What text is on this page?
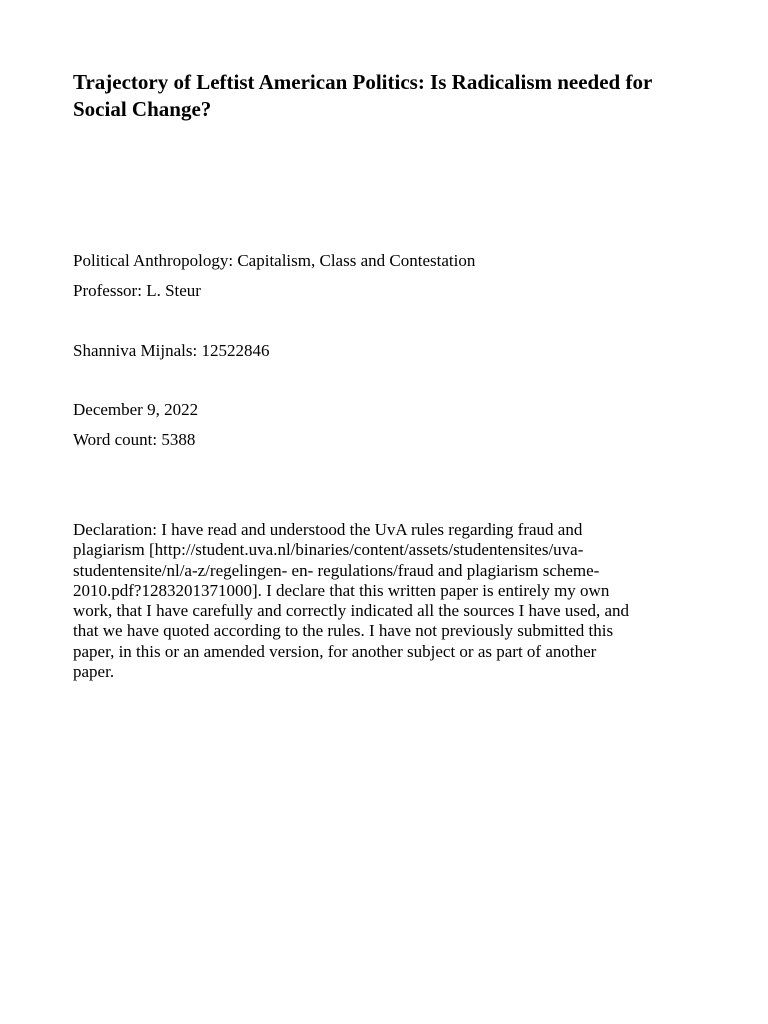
Trajectory of Leftist American Politics: Is Radicalism needed for Social Change?

Political Anthropology: Capitalism, Class and Contestation

Professor: L. Steur

Shanniva Mijnals: 12522846

December 9, 2022

Word count: 5388

Declaration: I have read and understood the UvA rules regarding fraud and
plagiarism [http://student.uva.nl/binaries/content/assets/studentensites/uva-
studentensite/nl/a-z/regelingen- en- regulations/fraud and plagiarism scheme-
2010.pdf?1283201371000]. I declare that this written paper is entirely my own
work, that I have carefully and correctly indicated all the sources I have used, and
that we have quoted according to the rules. I have not previously submitted this
paper, in this or an amended version, for another subject or as part of another
paper.
